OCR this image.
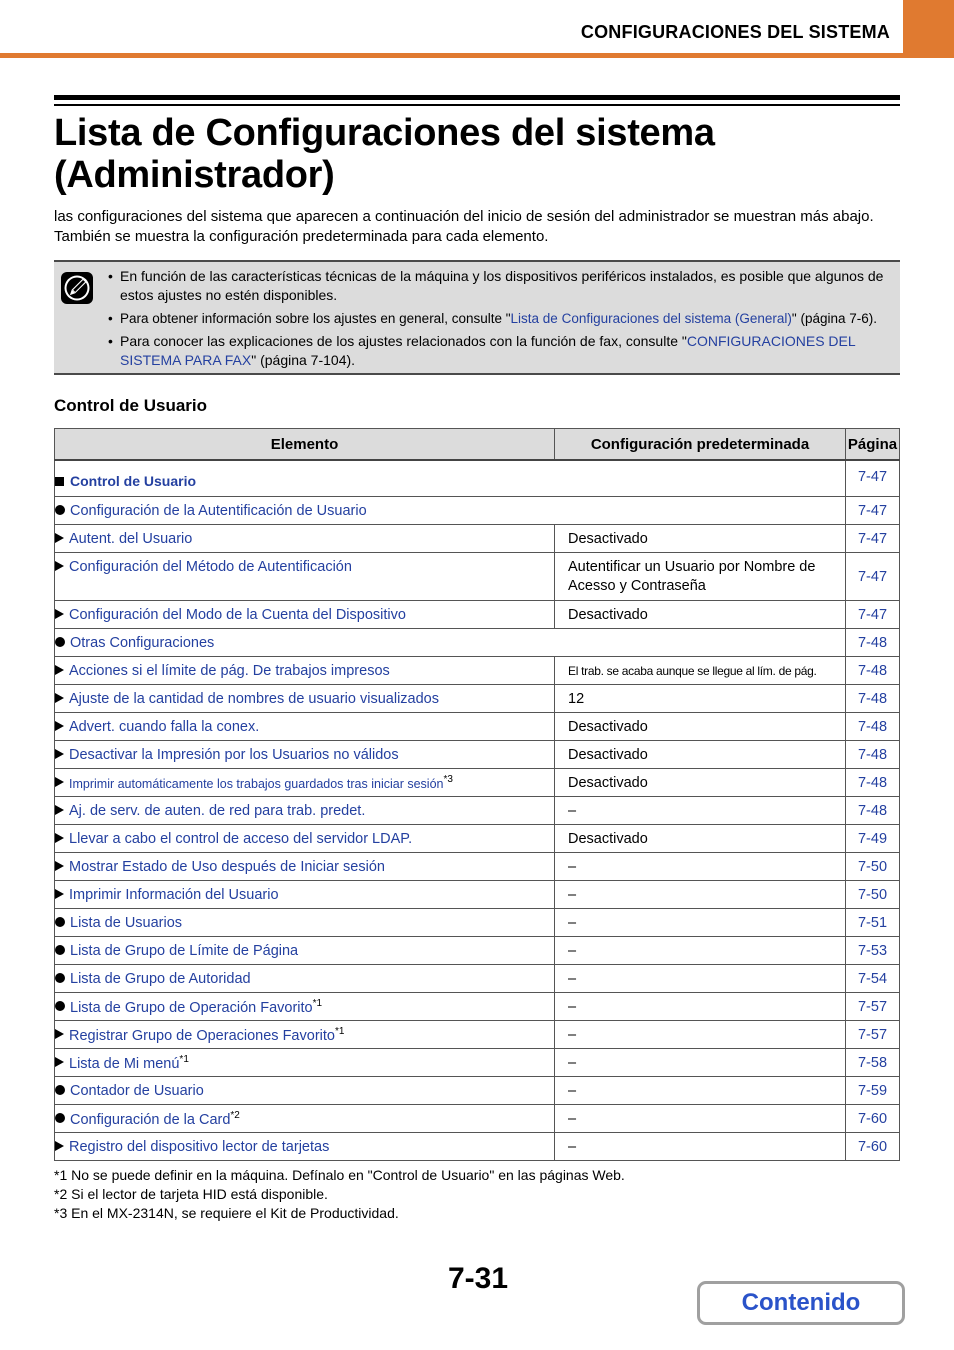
CONFIGURACIONES DEL SISTEMA
Lista de Configuraciones del sistema
(Administrador)

las configuraciones del sistema que aparecen a continuación del inicio de sesión del administrador se muestran más abajo. También se muestra la configuración predeterminada para cada elemento.

• En función de las características técnicas de la máquina y los dispositivos periféricos instalados, es posible que algunos de estos ajustes no estén disponibles.
• Para obtener información sobre los ajustes en general, consulte "Lista de Configuraciones del sistema (General)" (página 7-6).
• Para conocer las explicaciones de los ajustes relacionados con la función de fax, consulte "CONFIGURACIONES DEL SISTEMA PARA FAX" (página 7-104).
Control de Usuario
Elemento	Configuración predeterminada	Página
Control de Usuario		7-47
Configuración de la Autentificación de Usuario		7-47
Autent. del Usuario	Desactivado	7-47
Configuración del Método de Autentificación	Autentificar un Usuario por Nombre de Acesso y Contraseña	7-47
Configuración del Modo de la Cuenta del Dispositivo	Desactivado	7-47
Otras Configuraciones		7-48
Acciones si el límite de pág. De trabajos impresos	El trab. se acaba aunque se llegue al lím. de pág.	7-48
Ajuste de la cantidad de nombres de usuario visualizados	12	7-48
Advert. cuando falla la conex.	Desactivado	7-48
Desactivar la Impresión por los Usuarios no válidos	Desactivado	7-48
Imprimir automáticamente los trabajos guardados tras iniciar sesión$^{*3}$	Desactivado	7-48
Aj. de serv. de auten. de red para trab. predet.	–	7-48
Llevar a cabo el control de acceso del servidor LDAP.	Desactivado	7-49
Mostrar Estado de Uso después de Iniciar sesión	–	7-50
Imprimir Información del Usuario	–	7-50
Lista de Usuarios	–	7-51
Lista de Grupo de Límite de Página	–	7-53
Lista de Grupo de Autoridad	–	7-54
Lista de Grupo de Operación Favorito$^{*1}$	–	7-57
Registrar Grupo de Operaciones Favorito$^{*1}$	–	7-57
Lista de Mi menú$^{*1}$	–	7-58
Contador de Usuario	–	7-59
Configuración de la Card$^{*2}$	–	7-60
Registro del dispositivo lector de tarjetas	–	7-60
*1 No se puede definir en la máquina. Defínalo en "Control de Usuario" en las páginas Web.
*2 Si el lector de tarjeta HID está disponible.
*3 En el MX-2314N, se requiere el Kit de Productividad.
7-31
Contenido
